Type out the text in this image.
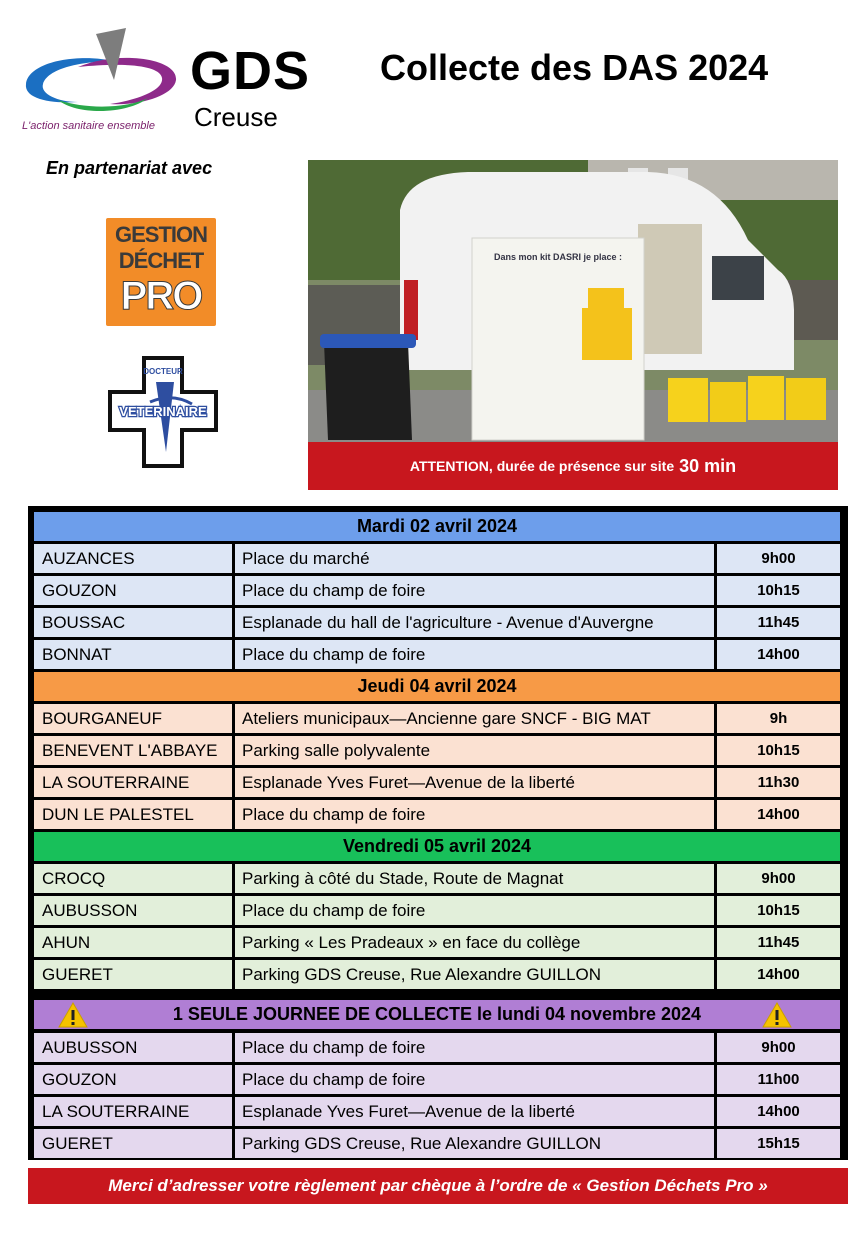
GDS
Creuse
L'action sanitaire ensemble
Collecte des DAS 2024
En partenariat avec
GESTION
DÉCHET
PRO
DOCTEUR
VETERINAIRE
Dans mon kit DASRI je place :
ATTENTION, durée de présence sur site 30 min
Mardi 02 avril 2024
AUZANCES	Place du marché	9h00
GOUZON	Place du champ de foire	10h15
BOUSSAC	Esplanade du hall de l'agriculture - Avenue d'Auvergne	11h45
BONNAT	Place du champ de foire	14h00
Jeudi 04 avril 2024
BOURGANEUF	Ateliers municipaux—Ancienne gare SNCF - BIG MAT	9h
BENEVENT L'ABBAYE	Parking salle polyvalente	10h15
LA SOUTERRAINE	Esplanade Yves Furet—Avenue de la liberté	11h30
DUN LE PALESTEL	Place du champ de foire	14h00
Vendredi 05 avril 2024
CROCQ	Parking à côté du Stade, Route de Magnat	9h00
AUBUSSON	Place du champ de foire	10h15
AHUN	Parking « Les Pradeaux » en face du collège	11h45
GUERET	Parking GDS Creuse, Rue Alexandre GUILLON	14h00
1 SEULE JOURNEE DE COLLECTE le lundi 04 novembre 2024
AUBUSSON	Place du champ de foire	9h00
GOUZON	Place du champ de foire	11h00
LA SOUTERRAINE	Esplanade Yves Furet—Avenue de la liberté	14h00
GUERET	Parking GDS Creuse, Rue Alexandre GUILLON	15h15
Merci d’adresser votre règlement par chèque à l’ordre de « Gestion Déchets Pro »
